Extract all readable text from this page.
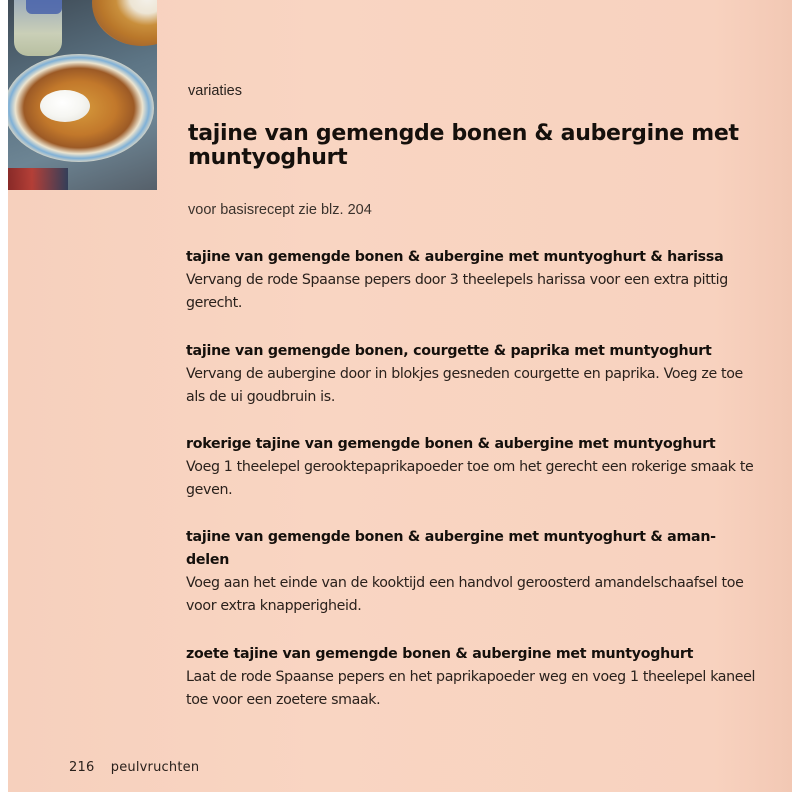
variaties
tajine van gemengde bonen & aubergine met muntyoghurt
voor basisrecept zie blz. 204
tajine van gemengde bonen & aubergine met muntyoghurt & harissa
Vervang de rode Spaanse pepers door 3 theelepels harissa voor een extra pittig gerecht.
tajine van gemengde bonen, courgette & paprika met muntyoghurt
Vervang de aubergine door in blokjes gesneden courgette en paprika. Voeg ze toe als de ui goudbruin is.
rokerige tajine van gemengde bonen & aubergine met muntyoghurt
Voeg 1 theelepel gerooktepaprikapoeder toe om het gerecht een rokerige smaak te geven.
tajine van gemengde bonen & aubergine met muntyoghurt & aman-delen
Voeg aan het einde van de kooktijd een handvol geroosterd amandelschaafsel toe voor extra knapperigheid.
zoete tajine van gemengde bonen & aubergine met muntyoghurt
Laat de rode Spaanse pepers en het paprikapoeder weg en voeg 1 theelepel kaneel toe voor een zoetere smaak.
216 peulvruchten
